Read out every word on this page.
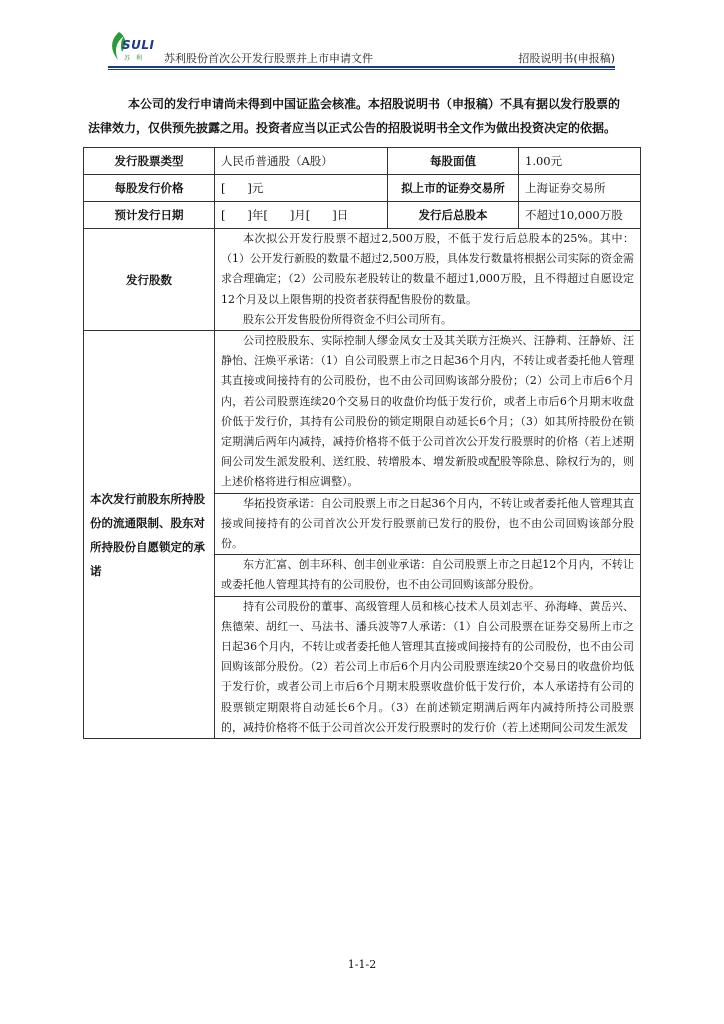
SULI
苏利 苏利股份首次公开发行股票并上市申请文件	招股说明书(申报稿)

本公司的发行申请尚未得到中国证监会核准。本招股说明书（申报稿）不具有据以发行股票的

法律效力，仅供预先披露之用。投资者应当以正式公告的招股说明书全文作为做出投资决定的依据。

发行股票类型	人民币普通股（A股）	每股面值	1.00元
每股发行价格	[      ]元	拟上市的证券交易所	上海证券交易所
预计发行日期	[      ]年[      ]月[      ]日	发行后总股本	不超过10,000万股
发行股数	本次拟公开发行股票不超过2,500万股，不低于发行后总股本的25%。其中：（1）公开发行新股的数量不超过2,500万股，具体发行数量将根据公司实际的资金需求合理确定；（2）公司股东老股转让的数量不超过1,000万股，且不得超过自愿设定12个月及以上限售期的投资者获得配售股份的数量。

股东公开发售股份所得资金不归公司所有。		

本次发行前股东所持股份的流通限制、股东对所持股份自愿锁定的承诺	公司控股股东、实际控制人缪金凤女士及其关联方汪焕兴、汪静莉、汪静娇、汪静怡、汪焕平承诺：（1）自公司股票上市之日起36个月内，不转让或者委托他人管理其直接或间接持有的公司股份，也不由公司回购该部分股份；（2）公司上市后6个月内，若公司股票连续20个交易日的收盘价均低于发行价，或者上市后6个月期末收盘价低于发行价，其持有公司股份的锁定期限自动延长6个月；（3）如其所持股份在锁定期满后两年内减持，减持价格将不低于公司首次公开发行股票时的价格（若上述期间公司发生派发股利、送红股、转增股本、增发新股或配股等除息、除权行为的，则上述价格将进行相应调整）。		

	华拓投资承诺：自公司股票上市之日起36个月内，不转让或者委托他人管理其直接或间接持有的公司首次公开发行股票前已发行的股份，也不由公司回购该部分股份。		

	东方汇富、创丰环科、创丰创业承诺：自公司股票上市之日起12个月内，不转让或委托他人管理其持有的公司股份，也不由公司回购该部分股份。		

	持有公司股份的董事、高级管理人员和核心技术人员刘志平、孙海峰、黄岳兴、焦德荣、胡红一、马法书、潘兵波等7人承诺：（1）自公司股票在证券交易所上市之日起36个月内，不转让或者委托他人管理其直接或间接持有的公司股份，也不由公司回购该部分股份。（2）若公司上市后6个月内公司股票连续20个交易日的收盘价均低于发行价，或者公司上市后6个月期末股票收盘价低于发行价，本人承诺持有公司的股票锁定期限将自动延长6个月。（3）在前述锁定期满后两年内减持所持公司股票的，减持价格将不低于公司首次公开发行股票时的发行价（若上述期间公司发生派发		

1-1-2
